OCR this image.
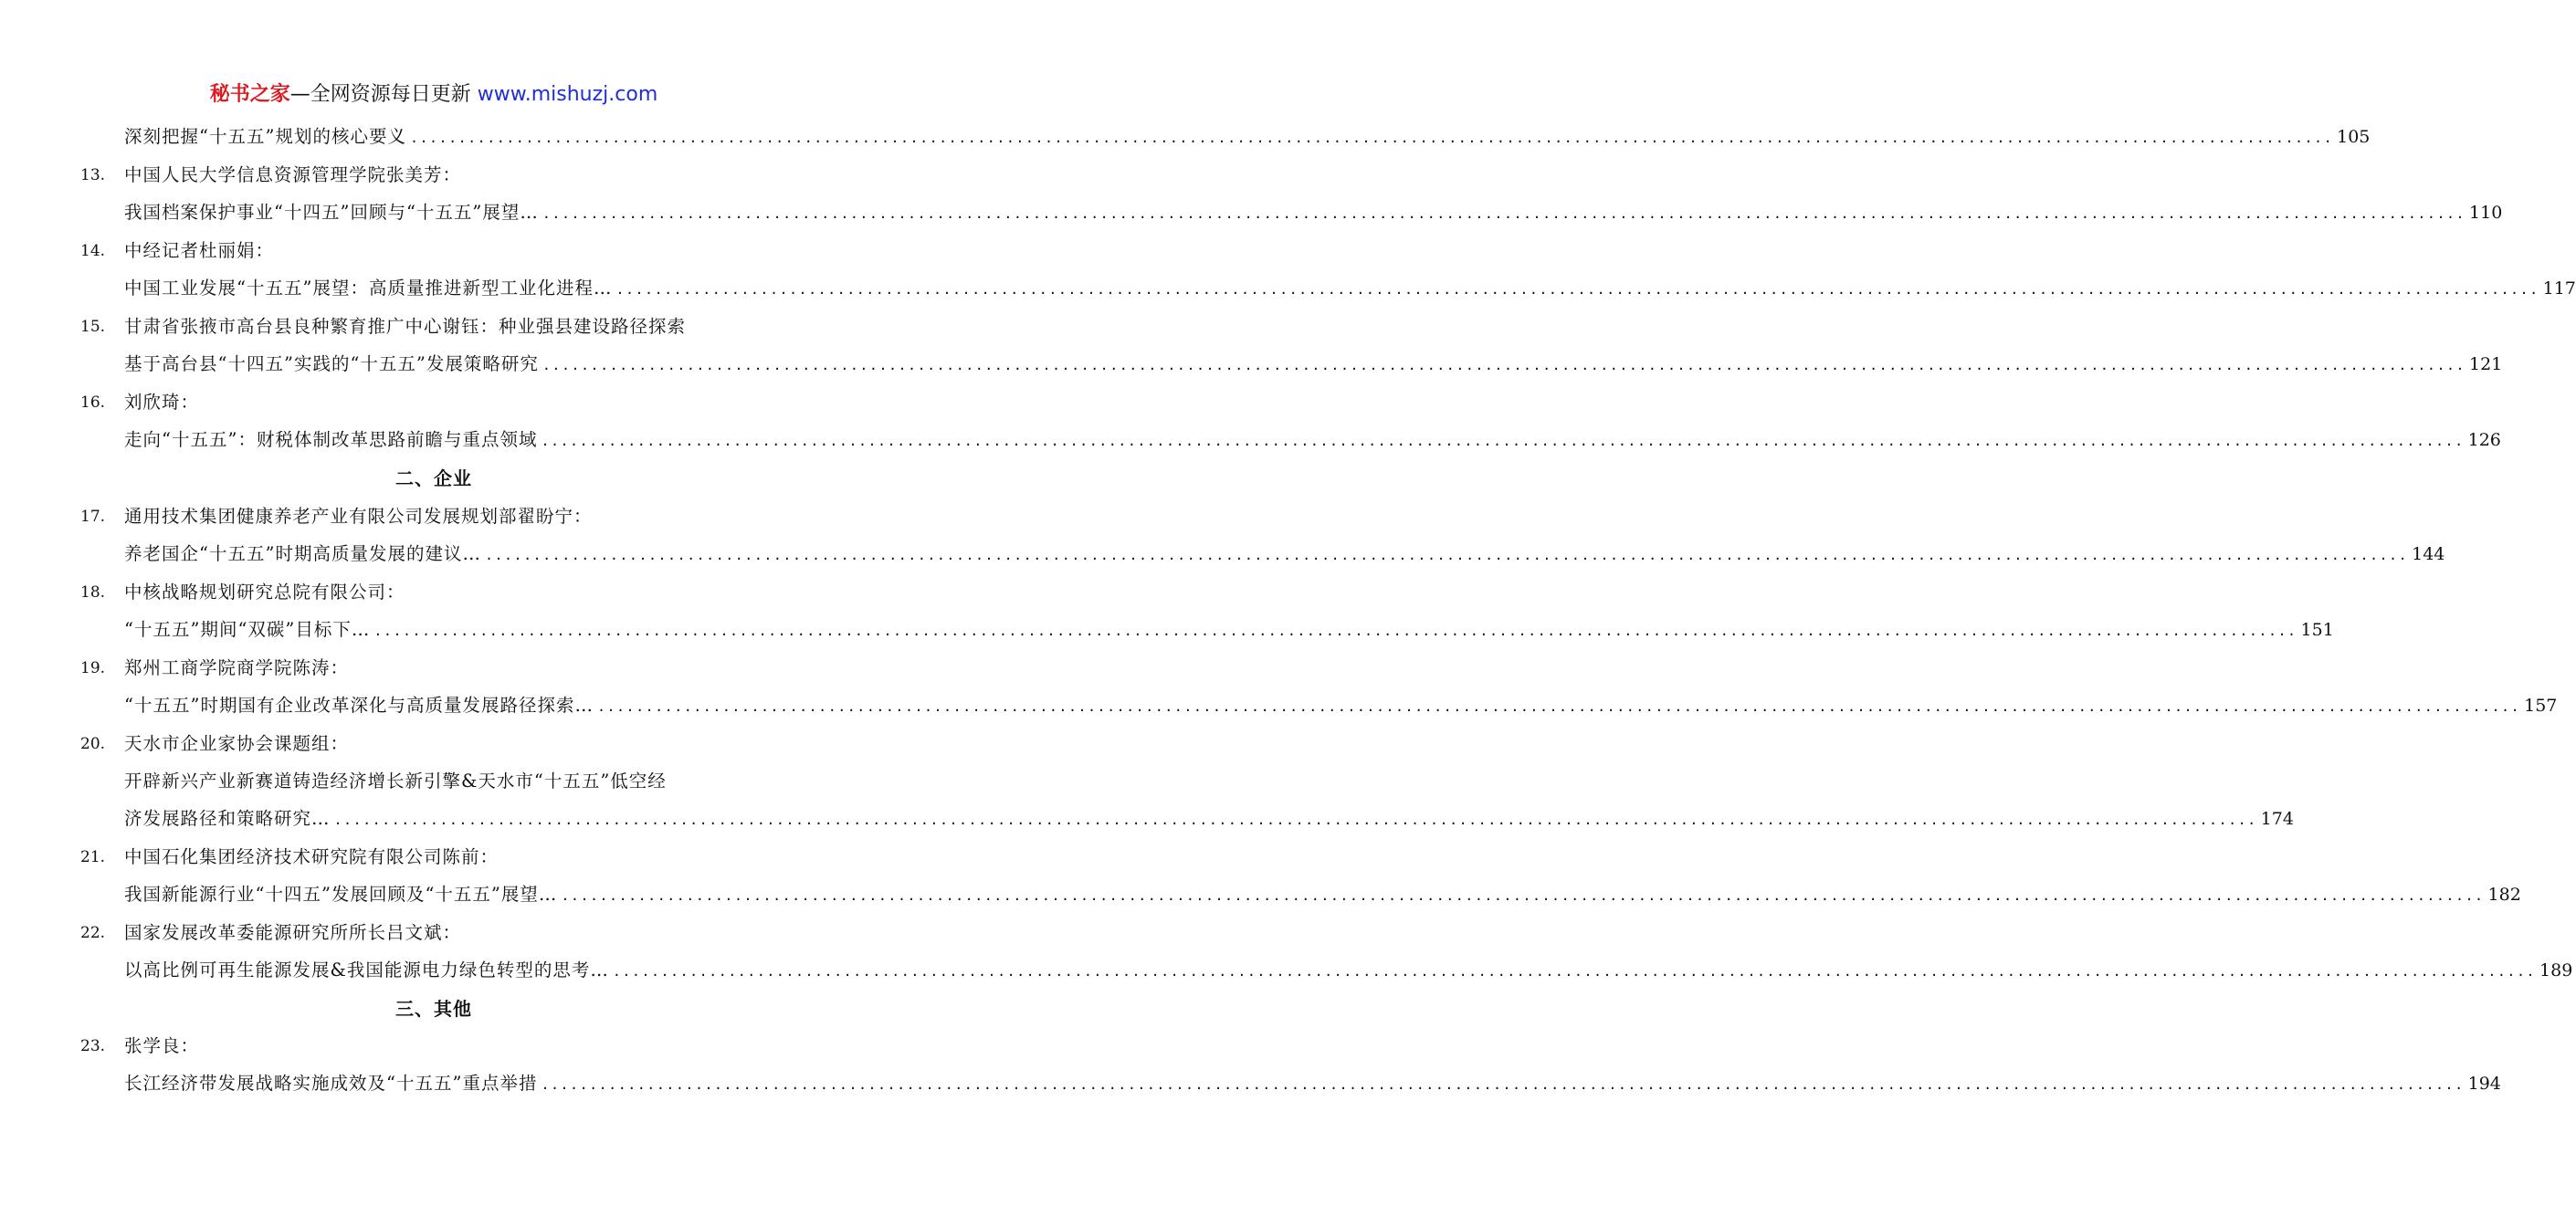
秘书之家—全网资源每日更新 www.mishuzj.com
深刻把握“十五五”规划的核心要义 ........................................................................................................................................................................................................ 105
13. 中国人民大学信息资源管理学院张美芳：
我国档案保护事业“十四五”回顾与“十五五”展望… ........................................................................................................................................................................................................ 110
14. 中经记者杜丽娟：
中国工业发展“十五五”展望：高质量推进新型工业化进程… ........................................................................................................................................................................................................ 117
15. 甘肃省张掖市高台县良种繁育推广中心谢钰：种业强县建设路径探索
基于高台县“十四五”实践的“十五五”发展策略研究 ........................................................................................................................................................................................................ 121
16. 刘欣琦：
走向“十五五”：财税体制改革思路前瞻与重点领域 ........................................................................................................................................................................................................ 126
二、企业
17. 通用技术集团健康养老产业有限公司发展规划部翟盼宁：
养老国企“十五五”时期高质量发展的建议… ........................................................................................................................................................................................................ 144
18. 中核战略规划研究总院有限公司：
“十五五”期间“双碳”目标下… ........................................................................................................................................................................................................ 151
19. 郑州工商学院商学院陈涛：
“十五五”时期国有企业改革深化与高质量发展路径探索… ........................................................................................................................................................................................................ 157
20. 天水市企业家协会课题组：
开辟新兴产业新赛道铸造经济增长新引擎&天水市“十五五”低空经
济发展路径和策略研究… ........................................................................................................................................................................................................ 174
21. 中国石化集团经济技术研究院有限公司陈前：
我国新能源行业“十四五”发展回顾及“十五五”展望… ........................................................................................................................................................................................................ 182
22. 国家发展改革委能源研究所所长吕文斌：
以高比例可再生能源发展&我国能源电力绿色转型的思考… ........................................................................................................................................................................................................ 189
三、其他
23. 张学良：
长江经济带发展战略实施成效及“十五五”重点举措 ........................................................................................................................................................................................................ 194
